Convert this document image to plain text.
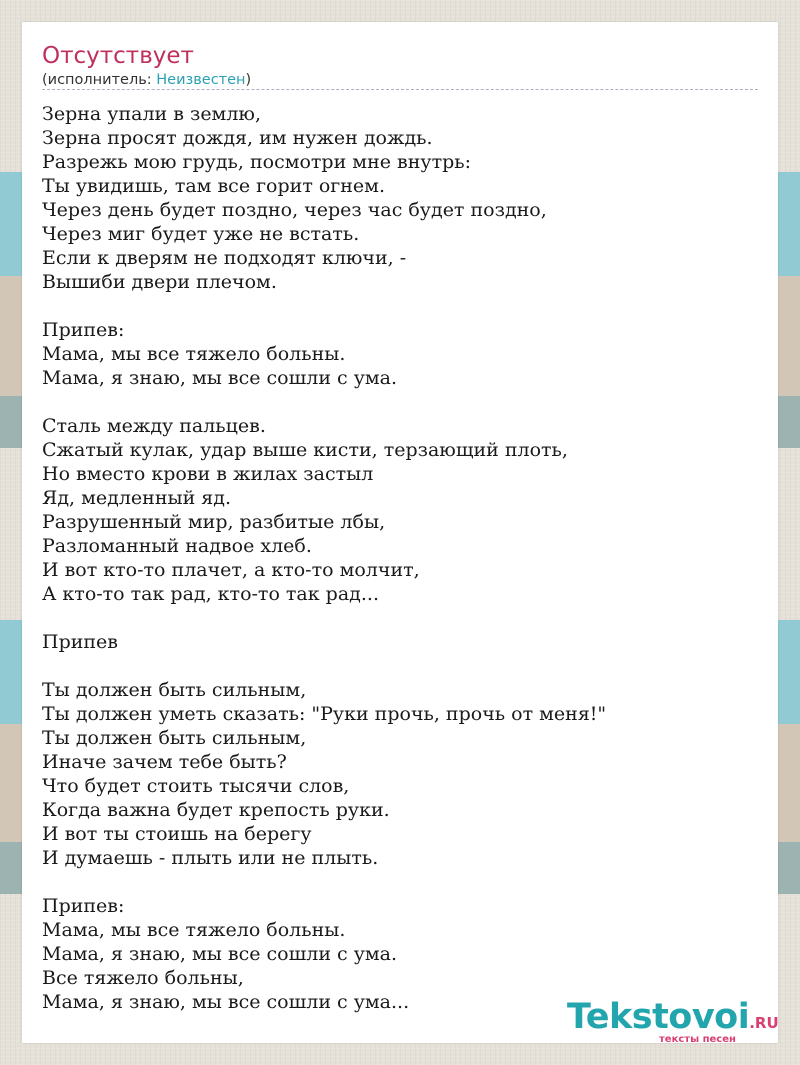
Отсутствует
(исполнитель: Неизвестен)
Зерна упали в землю,
Зерна просят дождя, им нужен дождь.
Разрежь мою грудь, посмотри мне внутрь:
Ты увидишь, там все горит огнем.
Через день будет поздно, через час будет поздно,
Через миг будет уже не встать.
Если к дверям не подходят ключи, -
Вышиби двери плечом.
Припев:
Мама, мы все тяжело больны.
Мама, я знаю, мы все сошли с ума.
Сталь между пальцев.
Сжатый кулак, удар выше кисти, терзающий плоть,
Но вместо крови в жилах застыл
Яд, медленный яд.
Разрушенный мир, разбитые лбы,
Разломанный надвое хлеб.
И вот кто-то плачет, а кто-то молчит,
А кто-то так рад, кто-то так рад...
Припев
Ты должен быть сильным,
Ты должен уметь сказать: "Руки прочь, прочь от меня!"
Ты должен быть сильным,
Иначе зачем тебе быть?
Что будет стоить тысячи слов,
Когда важна будет крепость руки.
И вот ты стоишь на берегу
И думаешь - плыть или не плыть.
Припев:
Мама, мы все тяжело больны.
Мама, я знаю, мы все сошли с ума.
Все тяжело больны,
Мама, я знаю, мы все сошли с ума...	Tekstovoi.RU
тексты песен
